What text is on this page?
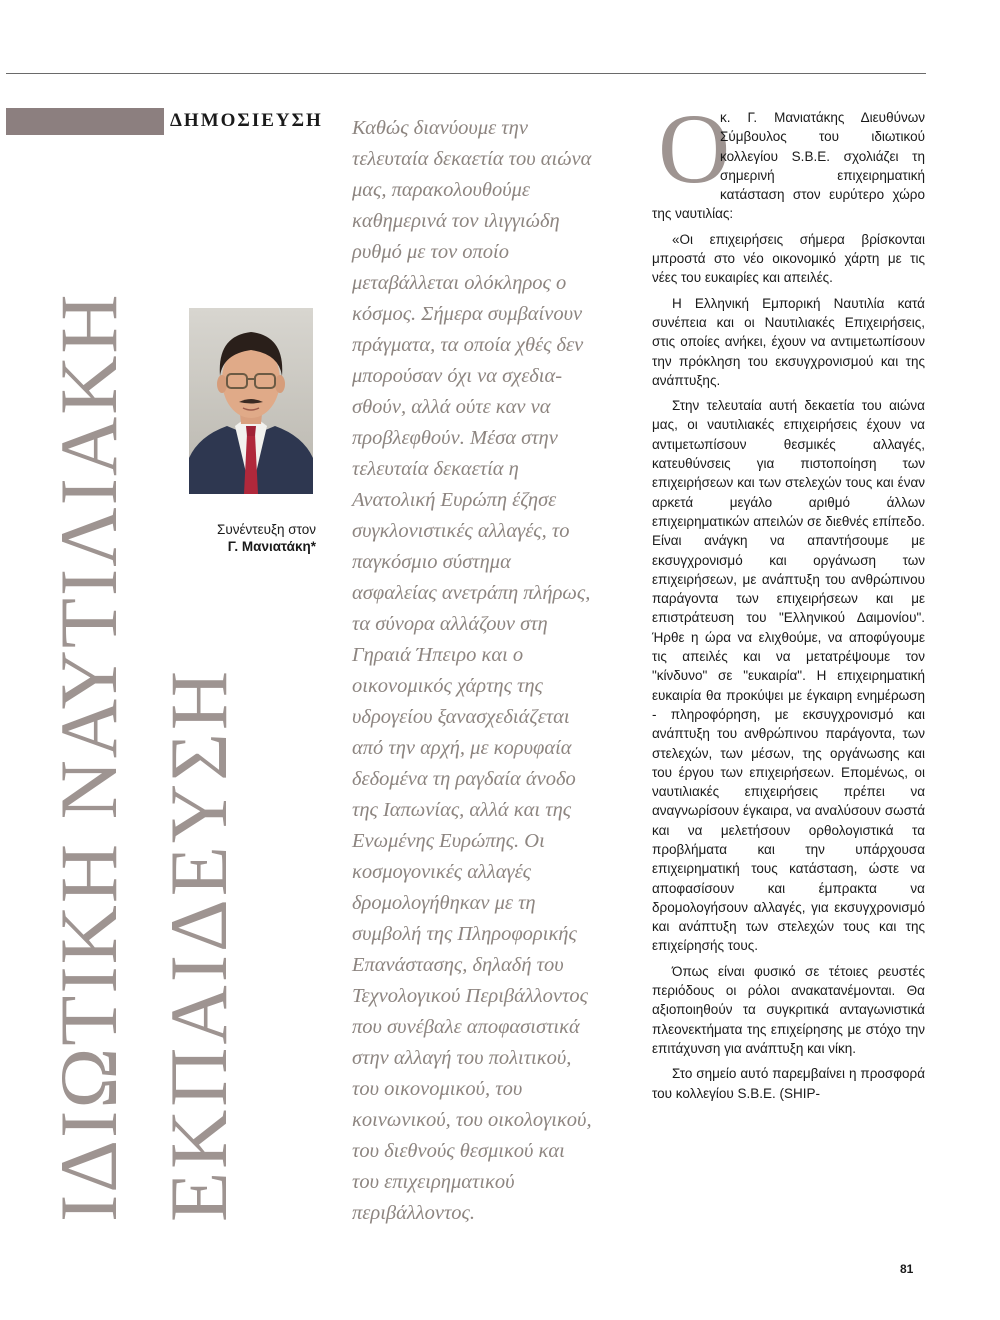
ΔΗΜΟΣΙΕΥΣΗ
ΙΔΙΩΤΙΚΗ ΝΑΥΤΙΛΙΑΚΗ ΕΚΠΑΙΔΕΥΣΗ
Συνέντευξη στον
Γ. Μανιατάκη*
Καθώς διανύουμε την
τελευταία δεκαετία του αιώνα
μας, παρακολουθούμε
καθημερινά τον ιλιγγιώδη
ρυθμό με τον οποίο
μεταβάλλεται ολόκληρος ο
κόσμος. Σήμερα συμβαίνουν
πράγματα, τα οποία χθές δεν
μπορούσαν όχι να σχεδια-
σθούν, αλλά ούτε καν να
προβλεφθούν. Μέσα στην
τελευταία δεκαετία η
Ανατολική Ευρώπη έζησε
συγκλονιστικές αλλαγές, το
παγκόσμιο σύστημα
ασφαλείας ανετράπη πλήρως,
τα σύνορα αλλάζουν στη
Γηραιά Ήπειρο και ο
οικονομικός χάρτης της
υδρογείου ξανασχεδιάζεται
από την αρχή, με κορυφαία
δεδομένα τη ραγδαία άνοδο
της Ιαπωνίας, αλλά και της
Ενωμένης Ευρώπης. Οι
κοσμογονικές αλλαγές
δρομολογήθηκαν με τη
συμβολή της Πληροφορικής
Επανάστασης, δηλαδή του
Τεχνολογικού Περιβάλλοντος
που συνέβαλε αποφασιστικά
στην αλλαγή του πολιτικού,
του οικονομικού, του
κοινωνικού, του οικολογικού,
του διεθνούς θεσμικού και
του επιχειρηματικού
περιβάλλοντος.
Ο

κ. Γ. Μανιατάκης Διευθύνων Σύμβουλος του ιδιωτικού κολλεγίου S.B.E. σχολιάζει τη σημερινή επιχειρηματική κατάσταση στον ευρύτερο χώρο της ναυτιλίας:

«Οι επιχειρήσεις σήμερα βρίσκονται μπροστά στο νέο οικονομικό χάρτη με τις νέες του ευκαιρίες και απειλές.

Η Ελληνική Εμπορική Ναυτιλία κατά συνέπεια και οι Ναυτιλιακές Επιχειρήσεις, στις οποίες ανήκει, έχουν να αντιμετωπίσουν την πρόκληση του εκσυγχρονισμού και της ανάπτυξης.

Στην τελευταία αυτή δεκαετία του αιώνα μας, οι ναυτιλιακές επιχειρήσεις έχουν να αντιμετωπίσουν θεσμικές αλλαγές, κατευθύνσεις για πιστοποίηση των επιχειρήσεων και των στελεχών τους και έναν αρκετά μεγάλο αριθμό άλλων επιχειρηματικών απειλών σε διεθνές επίπεδο. Είναι ανάγκη να απαντήσουμε με εκσυγχρονισμό και οργάνωση των επιχειρήσεων, με ανάπτυξη του ανθρώπινου παράγοντα των επιχειρήσεων και με επιστράτευση του "Ελληνικού Δαιμονίου". Ήρθε η ώρα να ελιχθούμε, να αποφύγουμε τις απειλές και να μετατρέψουμε τον "κίνδυνο" σε "ευκαιρία". Η επιχειρηματική ευκαιρία θα προκύψει με έγκαιρη ενημέρωση - πληροφόρηση, με εκσυγχρονισμό και ανάπτυξη του ανθρώπινου παράγοντα, των στελεχών, των μέσων, της οργάνωσης και του έργου των επιχειρήσεων. Επομένως, οι ναυτιλιακές επιχειρήσεις πρέπει να αναγνωρίσουν έγκαιρα, να αναλύσουν σωστά και να μελετήσουν ορθολογιστικά τα προβλήματα και την υπάρχουσα επιχειρηματική τους κατάσταση, ώστε να αποφασίσουν και έμπρακτα να δρομολογήσουν αλλαγές, για εκσυγχρονισμό και ανάπτυξη των στελεχών τους και της επιχείρησής τους.

Όπως είναι φυσικό σε τέτοιες ρευστές περιόδους οι ρόλοι ανακατανέμονται. Θα αξιοποιηθούν τα συγκριτικά ανταγωνιστικά πλεονεκτήματα της επιχείρησης με στόχο την επιτάχυνση για ανάπτυξη και νίκη.

Στο σημείο αυτό παρεμβαίνει η προσφορά του κολλεγίου S.B.E. (SHIP-

81
